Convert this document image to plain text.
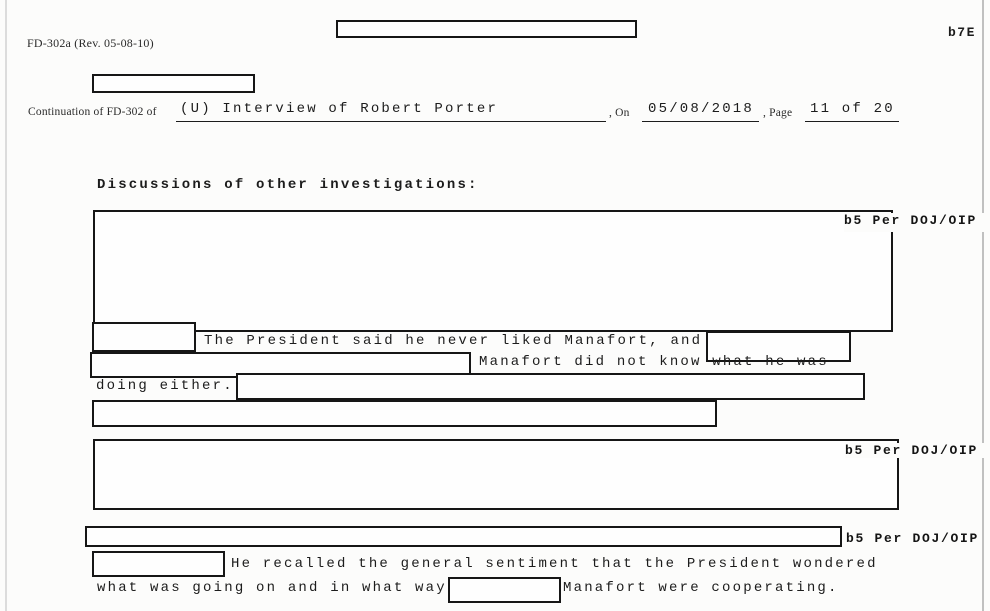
FD-302a (Rev. 05-08-10)
b7E
Continuation of FD-302 of (U) Interview of Robert Porter	, On 05/08/2018 , Page 11 of 20
Discussions of other investigations:
b5 Per DOJ/OIP
The President said he never liked Manafort, and
Manafort did not know what he was
doing either.
b5 Per DOJ/OIP
b5 Per DOJ/OIP
He recalled the general sentiment that the President wondered
what was going on and in what way	Manafort were cooperating.
